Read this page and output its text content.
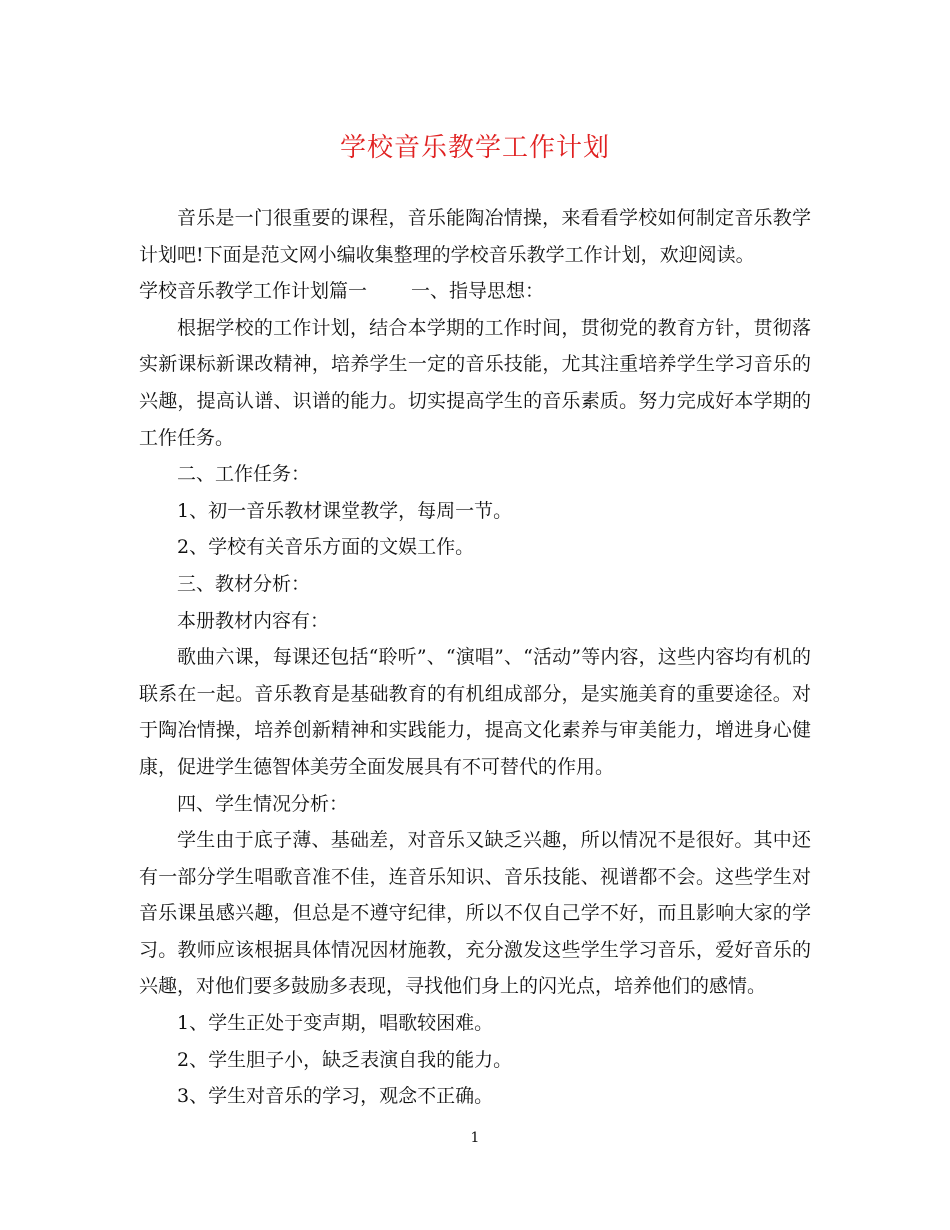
学校音乐教学工作计划

音乐是一门很重要的课程，音乐能陶冶情操，来看看学校如何制定音乐教学计划吧!下面是范文网小编收集整理的学校音乐教学工作计划，欢迎阅读。

学校音乐教学工作计划篇一 一、指导思想：

根据学校的工作计划，结合本学期的工作时间，贯彻党的教育方针，贯彻落实新课标新课改精神，培养学生一定的音乐技能，尤其注重培养学生学习音乐的兴趣，提高认谱、识谱的能力。切实提高学生的音乐素质。努力完成好本学期的工作任务。

二、工作任务：

1、初一音乐教材课堂教学，每周一节。

2、学校有关音乐方面的文娱工作。

三、教材分析：

本册教材内容有：

歌曲六课，每课还包括“聆听”、“演唱”、“活动”等内容，这些内容均有机的联系在一起。音乐教育是基础教育的有机组成部分，是实施美育的重要途径。对于陶冶情操，培养创新精神和实践能力，提高文化素养与审美能力，增进身心健康，促进学生德智体美劳全面发展具有不可替代的作用。

四、学生情况分析：

学生由于底子薄、基础差，对音乐又缺乏兴趣，所以情况不是很好。其中还有一部分学生唱歌音准不佳，连音乐知识、音乐技能、视谱都不会。这些学生对音乐课虽感兴趣，但总是不遵守纪律，所以不仅自己学不好，而且影响大家的学习。教师应该根据具体情况因材施教，充分激发这些学生学习音乐，爱好音乐的兴趣，对他们要多鼓励多表现，寻找他们身上的闪光点，培养他们的感情。

1、学生正处于变声期，唱歌较困难。

2、学生胆子小，缺乏表演自我的能力。

3、学生对音乐的学习，观念不正确。

1
